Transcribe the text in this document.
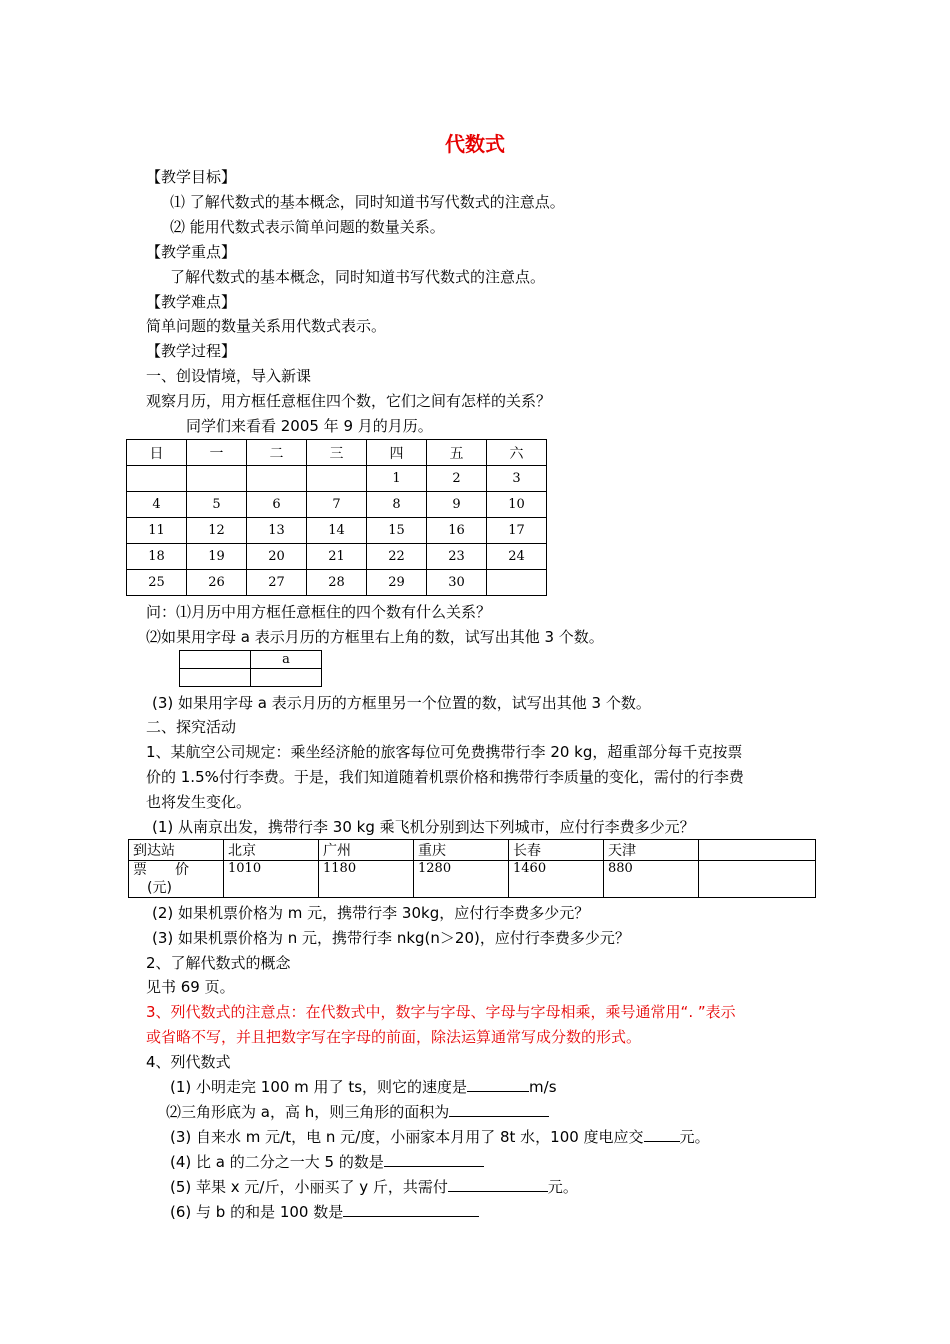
代数式
【教学目标】
⑴ 了解代数式的基本概念，同时知道书写代数式的注意点。
⑵ 能用代数式表示简单问题的数量关系。
【教学重点】
了解代数式的基本概念，同时知道书写代数式的注意点。
【教学难点】
简单问题的数量关系用代数式表示。
【教学过程】
一、创设情境，导入新课
观察月历，用方框任意框住四个数，它们之间有怎样的关系？
同学们来看看 2005 年 9 月的月历。
日	一	二	三	四	五	六
				1	2	3
4	5	6	7	8	9	10
11	12	13	14	15	16	17
18	19	20	21	22	23	24
25	26	27	28	29	30	
问：⑴月历中用方框任意框住的四个数有什么关系？
⑵如果用字母 a 表示月历的方框里右上角的数，试写出其他 3 个数。
	a

(3) 如果用字母 a 表示月历的方框里另一个位置的数，试写出其他 3 个数。
二、探究活动
1、某航空公司规定：乘坐经济舱的旅客每位可免费携带行李 20 kg，超重部分每千克按票
价的 1.5%付行李费。于是，我们知道随着机票价格和携带行李质量的变化，需付的行李费
也将发生变化。
(1) 从南京出发，携带行李 30 kg 乘飞机分别到达下列城市，应付行李费多少元？
到达站	北京	广州	重庆	长春	天津	
票　　价
(元)	1010	1180	1280	1460	880	
(2) 如果机票价格为 m 元，携带行李 30kg，应付行李费多少元？
(3) 如果机票价格为 n 元，携带行李 nkg(n＞20)，应付行李费多少元？
2、了解代数式的概念
见书 69 页。
3、列代数式的注意点：在代数式中，数字与字母、字母与字母相乘，乘号通常用“. ”表示
或省略不写，并且把数字写在字母的前面，除法运算通常写成分数的形式。
4、列代数式
(1) 小明走完 100 m 用了 ts，则它的速度是	m/s
⑵三角形底为 a，高 h，则三角形的面积为
(3) 自来水 m 元/t，电 n 元/度，小丽家本月用了 8t 水，100 度电应交 元。
(4) 比 a 的二分之一大 5 的数是
(5) 苹果 x 元/斤，小丽买了 y 斤，共需付	元。
(6) 与 b 的和是 100 数是
